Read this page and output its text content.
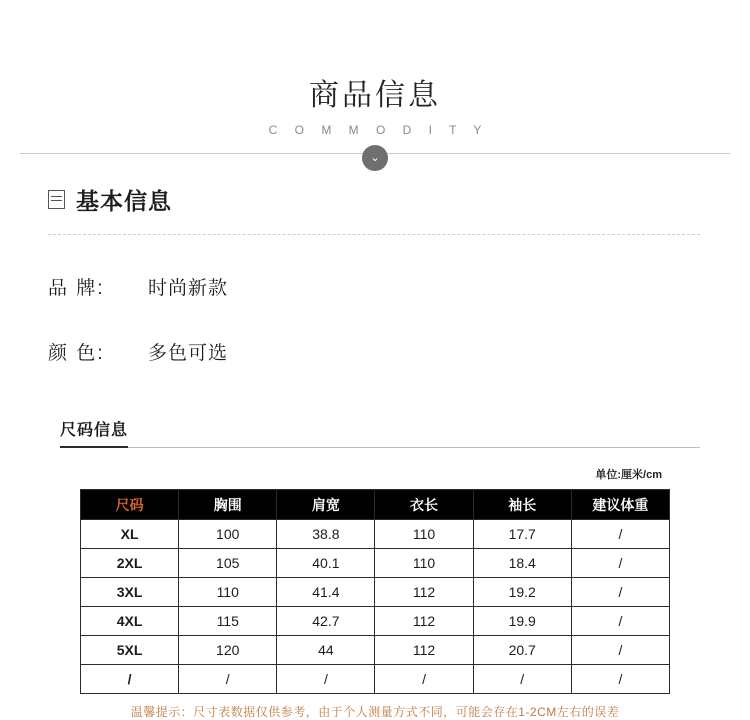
商品信息
C O M M O D I T Y
⌄
基本信息
品 牌:	时尚新款
颜 色:	多色可选
尺码信息
单位:厘米/cm
尺码	胸围	肩宽	衣长	袖长	建议体重
XL	100	38.8	110	17.7	/
2XL	105	40.1	110	18.4	/
3XL	110	41.4	112	19.2	/
4XL	115	42.7	112	19.9	/
5XL	120	44	112	20.7	/
/	/	/	/	/	/
温馨提示：尺寸表数据仅供参考，由于个人测量方式不同，可能会存在1-2CM左右的误差
